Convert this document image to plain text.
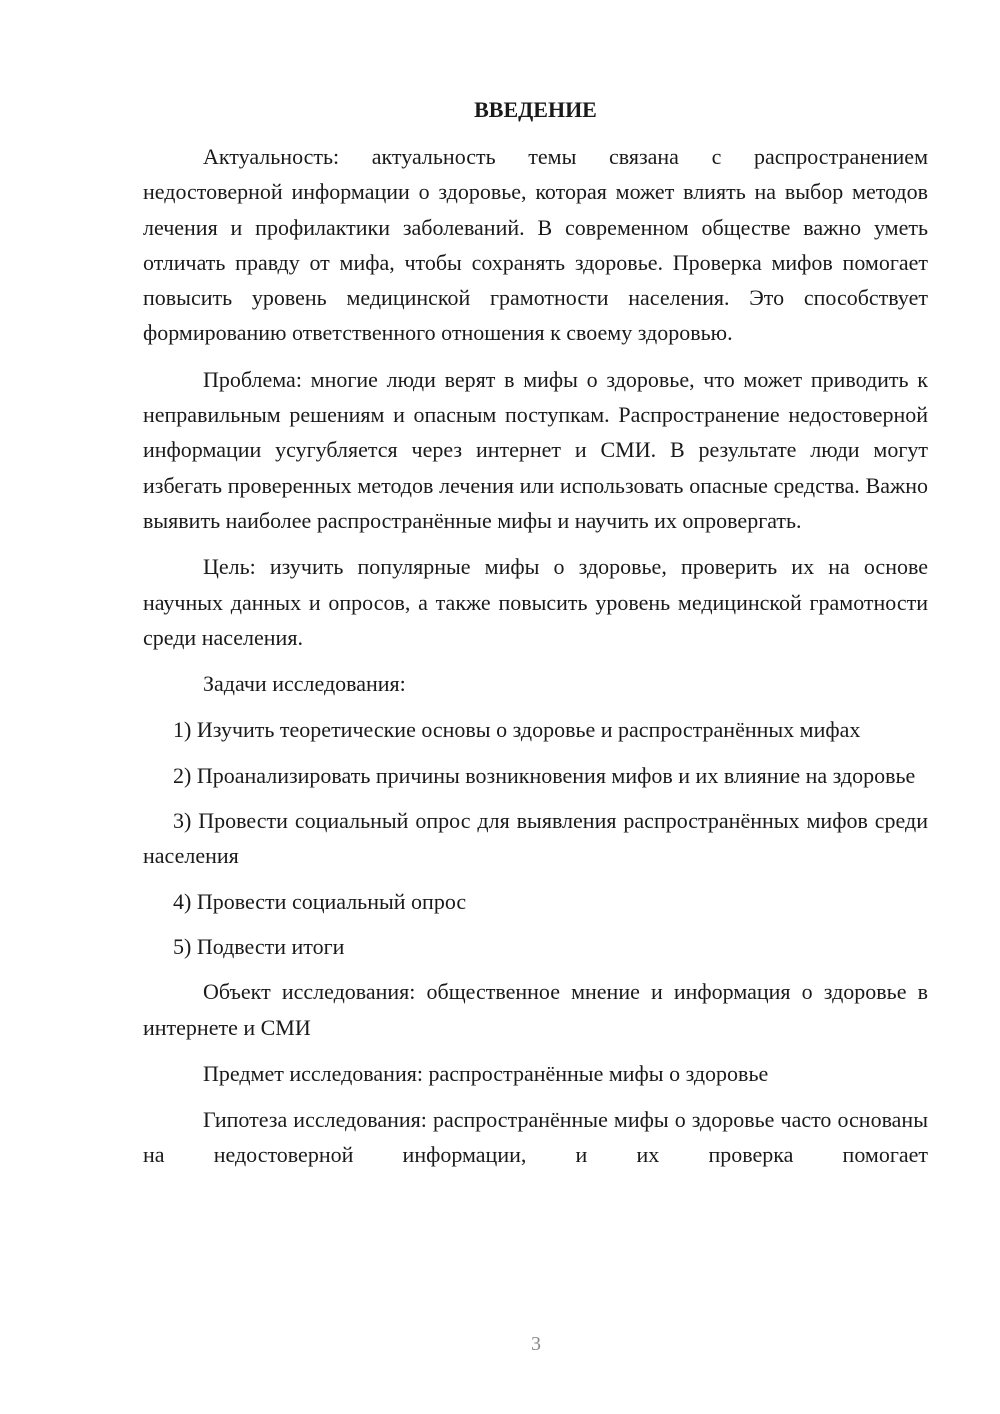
ВВЕДЕНИЕ

Актуальность: актуальность темы связана с распространением недостоверной информации о здоровье, которая может влиять на выбор методов лечения и профилактики заболеваний. В современном обществе важно уметь отличать правду от мифа, чтобы сохранять здоровье. Проверка мифов помогает повысить уровень медицинской грамотности населения. Это способствует формированию ответственного отношения к своему здоровью.

Проблема: многие люди верят в мифы о здоровье, что может приводить к неправильным решениям и опасным поступкам. Распространение недостоверной информации усугубляется через интернет и СМИ. В результате люди могут избегать проверенных методов лечения или использовать опасные средства. Важно выявить наиболее распространённые мифы и научить их опровергать.

Цель: изучить популярные мифы о здоровье, проверить их на основе научных данных и опросов, а также повысить уровень медицинской грамотности среди населения.

Задачи исследования:

1) Изучить теоретические основы о здоровье и распространённых мифах

2) Проанализировать причины возникновения мифов и их влияние на здоровье

3) Провести социальный опрос для выявления распространённых мифов среди населения

4) Провести социальный опрос

5) Подвести итоги

Объект исследования: общественное мнение и информация о здоровье в интернете и СМИ

Предмет исследования: распространённые мифы о здоровье

Гипотеза исследования: распространённые мифы о здоровье часто основаны на недостоверной информации, и их проверка помогает

3
